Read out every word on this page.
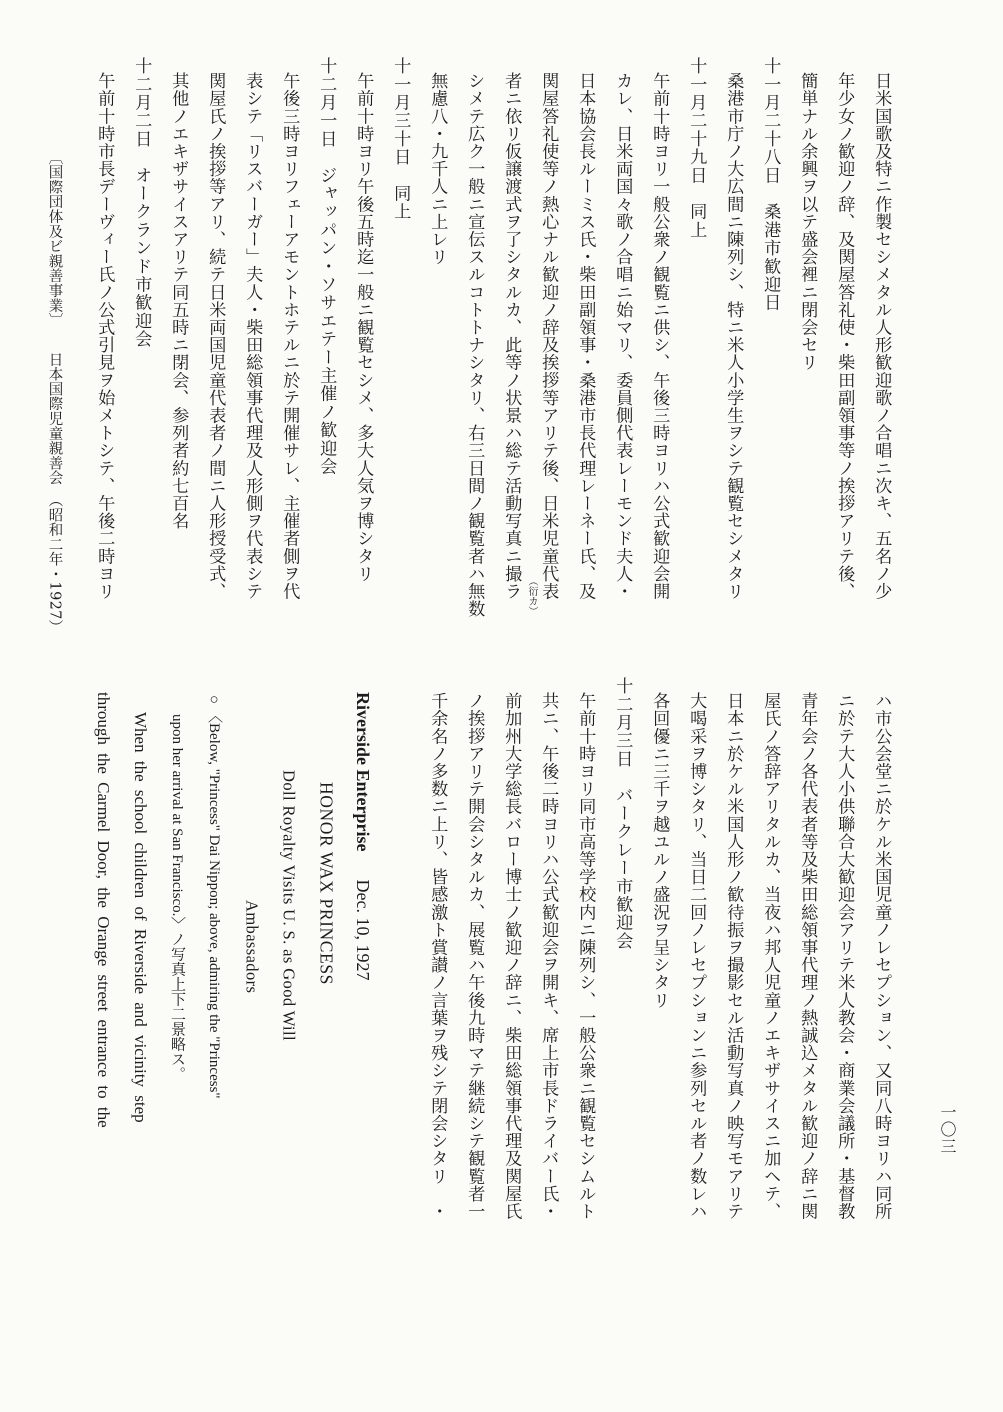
日米国歌及特ニ作製セシメタル人形歓迎歌ノ合唱ニ次キ、五名ノ少
年少女ノ歓迎ノ辞、及関屋答礼使・柴田副領事等ノ挨拶アリテ後、
簡単ナル余興ヲ以テ盛会裡ニ閉会セリ
十一月二十八日　桑港市歓迎日
桑港市庁ノ大広間ニ陳列シ、特ニ米人小学生ヲシテ観覧セシメタリ
十一月二十九日　同上
午前十時ヨリ一般公衆ノ観覧ニ供シ、午後三時ヨリハ公式歓迎会開
カレ、日米両国々歌ノ合唱ニ始マリ、委員側代表レーモンド夫人・
日本協会長ルーミス氏・柴田副領事・桑港市長代理レーネー氏、及
関屋答礼使等ノ熱心ナル歓迎ノ辞及挨拶等アリテ後、日米児童代表
者ニ依リ仮譲渡式ヲ了シタルカ、此等ノ状景ハ総テ活動写真ニ撮ラ （衍カ）
シメテ広ク一般ニ宣伝スルコトトナシタリ、右三日間ノ観覧者ハ無数
無慮八・九千人ニ上レリ
十一月三十日　同上
午前十時ヨリ午後五時迄一般ニ観覧セシメ、多大人気ヲ博シタリ
十二月一日　ジャッパン・ソサエテー主催ノ歓迎会
午後三時ヨリフェーアモントホテルニ於テ開催サレ、主催者側ヲ代
表シテ「リスバーガー」夫人・柴田総領事代理及人形側ヲ代表シテ
関屋氏ノ挨拶等アリ、続テ日米両国児童代表者ノ間ニ人形授受式、
其他ノエキザサイスアリテ同五時ニ閉会、参列者約七百名
十二月二日　オークランド市歓迎会
午前十時市長デーヴィー氏ノ公式引見ヲ始メトシテ、午後二時ヨリ
〔国際団体及ビ親善事業〕
日本国際児童親善会　（昭和二年・1927）
ハ市公会堂ニ於ケル米国児童ノレセプション、又同八時ヨリハ同所
ニ於テ大人小供聯合大歓迎会アリテ米人教会・商業会議所・基督教
青年会ノ各代表者等及柴田総領事代理ノ熱誠込メタル歓迎ノ辞ニ関
屋氏ノ答辞アリタルカ、当夜ハ邦人児童ノエキザサイスニ加ヘテ、
日本ニ於ケル米国人形ノ歓待振ヲ撮影セル活動写真ノ映写モアリテ
大喝采ヲ博シタリ、当日二回ノレセプションニ参列セル者ノ数レハ
各回優ニ三千ヲ越ユルノ盛況ヲ呈シタリ
十二月三日　バークレー市歓迎会
午前十時ヨリ同市高等学校内ニ陳列シ、一般公衆ニ観覧セシムルト
共ニ、午後二時ヨリハ公式歓迎会ヲ開キ、席上市長ドライバー氏・
前加州大学総長バロー博士ノ歓迎ノ辞ニ、柴田総領事代理及関屋氏
ノ挨拶アリテ開会シタルカ、展覧ハ午後九時マテ継続シテ観覧者一
千余名ノ多数ニ上リ、皆感激ト賞讃ノ言葉ヲ残シテ閉会シタリ　・
Riverside EnterpriseDec. 10, 1927
HONOR WAX PRINCESS
Doll Royalty Visits U. S. as Good Will
Ambassadors
○〈Below, "Princess" Dai Nippon; above, admiring the "Princess"
upon her arrival at San Francisco.〉ノ写真上下二景略ス。
When the school children of Riverside and vicinity step
through the Carmel Door, the Orange street entrance to the
一〇三
